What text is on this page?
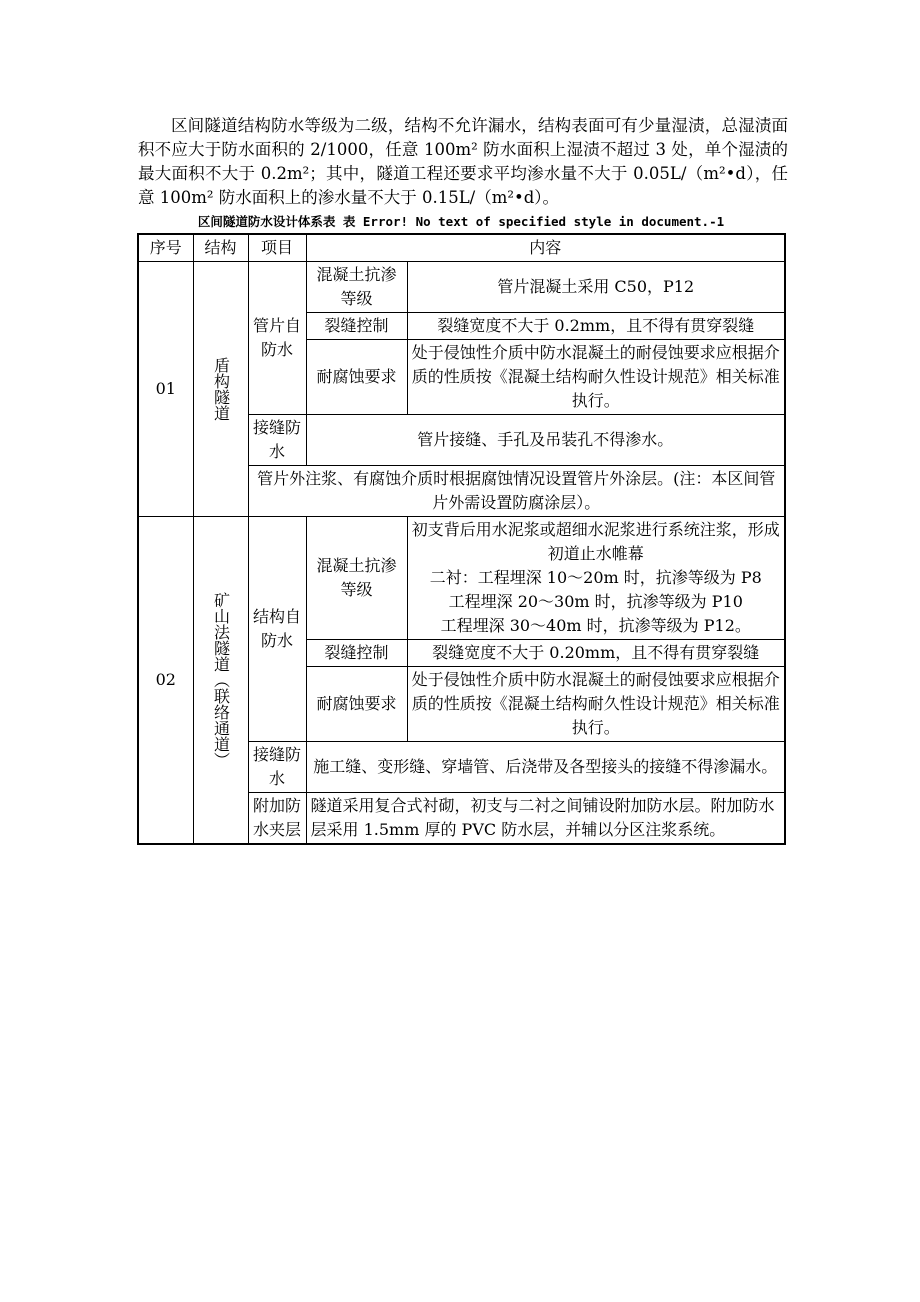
区间隧道结构防水等级为二级，结构不允许漏水，结构表面可有少量湿渍，总湿渍面积不应大于防水面积的 2/1000，任意 100m² 防水面积上湿渍不超过 3 处，单个湿渍的最大面积不大于 0.2m²；其中，隧道工程还要求平均渗水量不大于 0.05L/（m²•d），任意 100m² 防水面积上的渗水量不大于 0.15L/（m²•d）。

区间隧道防水设计体系表 表 Error! No text of specified style in document.-1
序号	结构	项目	内容	
01	盾构隧道	管片自防水	混凝土抗渗等级	管片混凝土采用 C50，P12
			裂缝控制	裂缝宽度不大于 0.2mm，且不得有贯穿裂缝
			耐腐蚀要求	处于侵蚀性介质中防水混凝土的耐侵蚀要求应根据介质的性质按《混凝土结构耐久性设计规范》相关标准执行。
		接缝防水	管片接缝、手孔及吊装孔不得渗水。	
		管片外注浆、有腐蚀介质时根据腐蚀情况设置管片外涂层。(注：本区间管片外需设置防腐涂层）。		
02	矿山法隧道（联络通道）	结构自防水	混凝土抗渗等级	初支背后用水泥浆或超细水泥浆进行系统注浆，形成初道止水帷幕
二衬：工程埋深 10～20m 时，抗渗等级为 P8
工程埋深 20～30m 时，抗渗等级为 P10
工程埋深 30～40m 时，抗渗等级为 P12。

			裂缝控制	裂缝宽度不大于 0.20mm，且不得有贯穿裂缝
			耐腐蚀要求	处于侵蚀性介质中防水混凝土的耐侵蚀要求应根据介质的性质按《混凝土结构耐久性设计规范》相关标准执行。
		接缝防水	施工缝、变形缝、穿墙管、后浇带及各型接头的接缝不得渗漏水。	
		附加防水夹层	隧道采用复合式衬砌，初支与二衬之间铺设附加防水层。附加防水层采用 1.5mm 厚的 PVC 防水层，并辅以分区注浆系统。	
